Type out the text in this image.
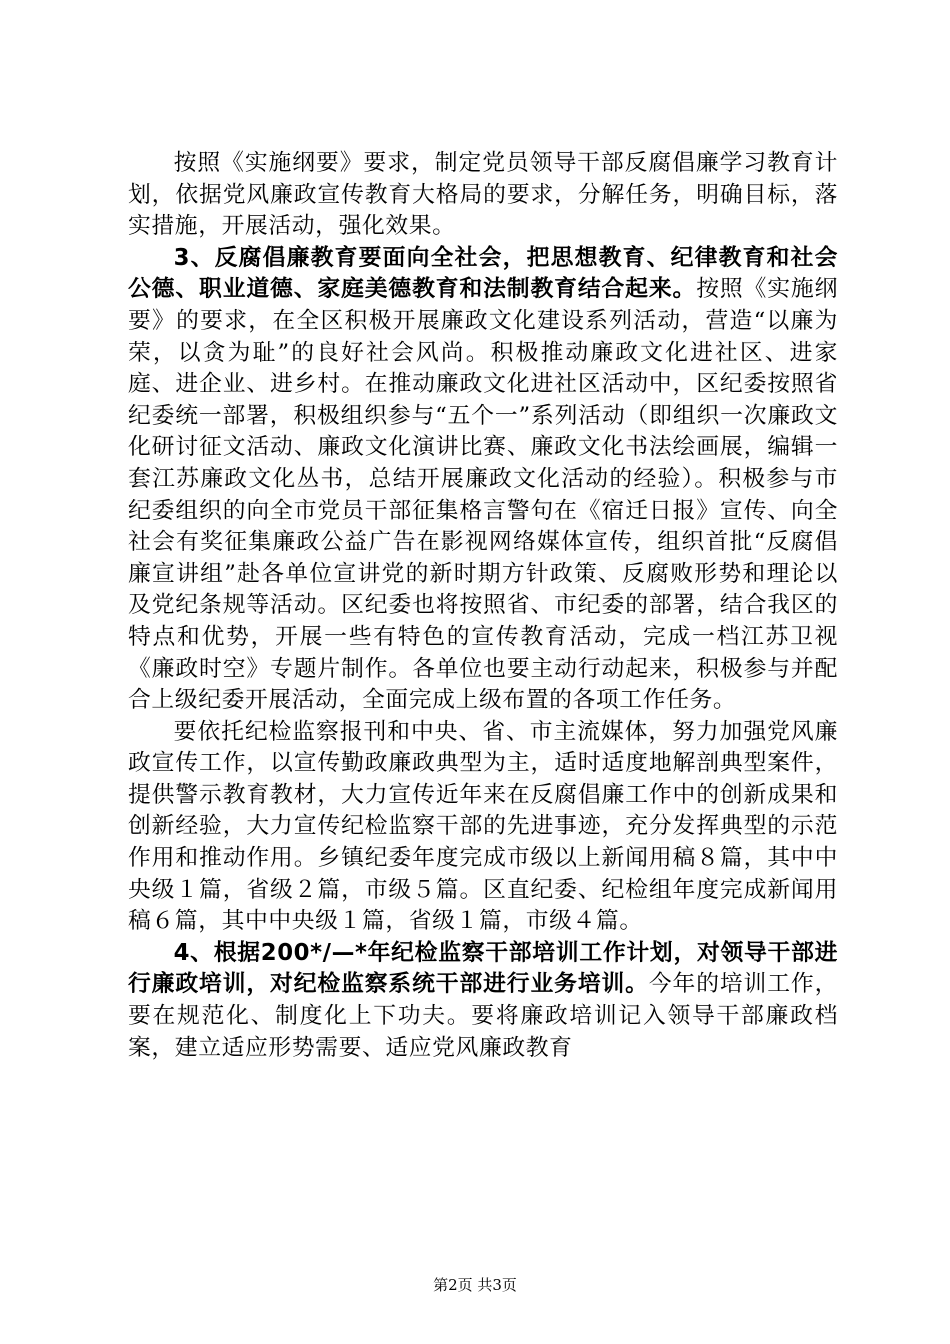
按照《实施纲要》要求，制定党员领导干部反腐倡廉学习教育计划，依据党风廉政宣传教育大格局的要求，分解任务，明确目标，落实措施，开展活动，强化效果。

3、反腐倡廉教育要面向全社会，把思想教育、纪律教育和社会公德、职业道德、家庭美德教育和法制教育结合起来。按照《实施纲要》的要求，在全区积极开展廉政文化建设系列活动，营造“以廉为荣，以贪为耻”的良好社会风尚。积极推动廉政文化进社区、进家庭、进企业、进乡村。在推动廉政文化进社区活动中，区纪委按照省纪委统一部署，积极组织参与“五个一”系列活动（即组织一次廉政文化研讨征文活动、廉政文化演讲比赛、廉政文化书法绘画展，编辑一套江苏廉政文化丛书，总结开展廉政文化活动的经验）。积极参与市纪委组织的向全市党员干部征集格言警句在《宿迁日报》宣传、向全社会有奖征集廉政公益广告在影视网络媒体宣传，组织首批“反腐倡廉宣讲组”赴各单位宣讲党的新时期方针政策、反腐败形势和理论以及党纪条规等活动。区纪委也将按照省、市纪委的部署，结合我区的特点和优势，开展一些有特色的宣传教育活动，完成一档江苏卫视《廉政时空》专题片制作。各单位也要主动行动起来，积极参与并配合上级纪委开展活动，全面完成上级布置的各项工作任务。

要依托纪检监察报刊和中央、省、市主流媒体，努力加强党风廉政宣传工作，以宣传勤政廉政典型为主，适时适度地解剖典型案件，提供警示教育教材，大力宣传近年来在反腐倡廉工作中的创新成果和创新经验，大力宣传纪检监察干部的先进事迹，充分发挥典型的示范作用和推动作用。乡镇纪委年度完成市级以上新闻用稿８篇，其中中央级１篇，省级２篇，市级５篇。区直纪委、纪检组年度完成新闻用稿６篇，其中中央级１篇，省级１篇，市级４篇。

4、根据200*/—*年纪检监察干部培训工作计划，对领导干部进行廉政培训，对纪检监察系统干部进行业务培训。今年的培训工作，要在规范化、制度化上下功夫。要将廉政培训记入领导干部廉政档案，建立适应形势需要、适应党风廉政教育

第2页 共3页
